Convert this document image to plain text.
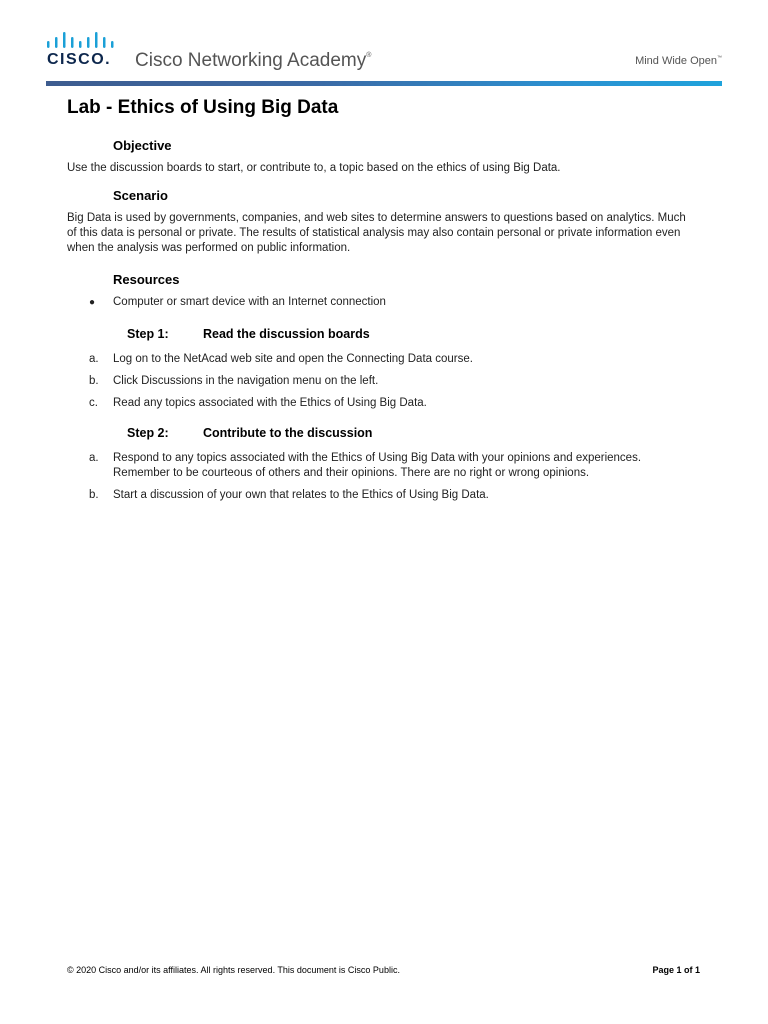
CISCO. Cisco Networking Academy®	Mind Wide Open™
Lab - Ethics of Using Big Data
Objective

Use the discussion boards to start, or contribute to, a topic based on the ethics of using Big Data.

Scenario

Big Data is used by governments, companies, and web sites to determine answers to questions based on analytics. Much of this data is personal or private. The results of statistical analysis may also contain personal or private information even when the analysis was performed on public information.

Resources
● Computer or smart device with an Internet connection
Step 1:	Read the discussion boards
a. Log on to the NetAcad web site and open the Connecting Data course.
b. Click Discussions in the navigation menu on the left.
c. Read any topics associated with the Ethics of Using Big Data.
Step 2:	Contribute to the discussion
a. Respond to any topics associated with the Ethics of Using Big Data with your opinions and experiences. Remember to be courteous of others and their opinions. There are no right or wrong opinions.
b. Start a discussion of your own that relates to the Ethics of Using Big Data.
© 2020 Cisco and/or its affiliates. All rights reserved. This document is Cisco Public.	Page 1 of 1
